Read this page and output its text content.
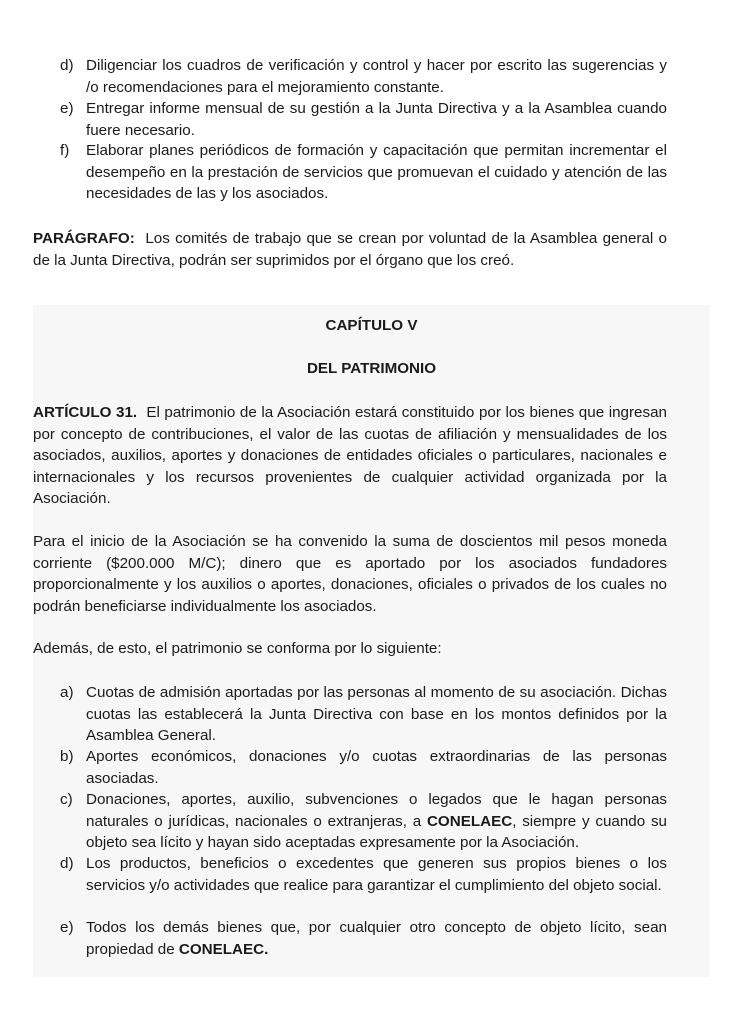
d) Diligenciar los cuadros de verificación y control y hacer por escrito las sugerencias y /o recomendaciones para el mejoramiento constante.
e) Entregar informe mensual de su gestión a la Junta Directiva y a la Asamblea cuando fuere necesario.
f) Elaborar planes periódicos de formación y capacitación que permitan incrementar el desempeño en la prestación de servicios que promuevan el cuidado y atención de las necesidades de las y los asociados.
PARÁGRAFO: Los comités de trabajo que se crean por voluntad de la Asamblea general o de la Junta Directiva, podrán ser suprimidos por el órgano que los creó.
CAPÍTULO V
DEL PATRIMONIO
ARTÍCULO 31. El patrimonio de la Asociación estará constituido por los bienes que ingresan por concepto de contribuciones, el valor de las cuotas de afiliación y mensualidades de los asociados, auxilios, aportes y donaciones de entidades oficiales o particulares, nacionales e internacionales y los recursos provenientes de cualquier actividad organizada por la Asociación.
Para el inicio de la Asociación se ha convenido la suma de doscientos mil pesos moneda corriente ($200.000 M/C); dinero que es aportado por los asociados fundadores proporcionalmente y los auxilios o aportes, donaciones, oficiales o privados de los cuales no podrán beneficiarse individualmente los asociados.
Además, de esto, el patrimonio se conforma por lo siguiente:
a) Cuotas de admisión aportadas por las personas al momento de su asociación. Dichas cuotas las establecerá la Junta Directiva con base en los montos definidos por la Asamblea General.
b) Aportes económicos, donaciones y/o cuotas extraordinarias de las personas asociadas.
c) Donaciones, aportes, auxilio, subvenciones o legados que le hagan personas naturales o jurídicas, nacionales o extranjeras, a CONELAEC, siempre y cuando su objeto sea lícito y hayan sido aceptadas expresamente por la Asociación.
d) Los productos, beneficios o excedentes que generen sus propios bienes o los servicios y/o actividades que realice para garantizar el cumplimiento del objeto social.
e) Todos los demás bienes que, por cualquier otro concepto de objeto lícito, sean propiedad de CONELAEC.
